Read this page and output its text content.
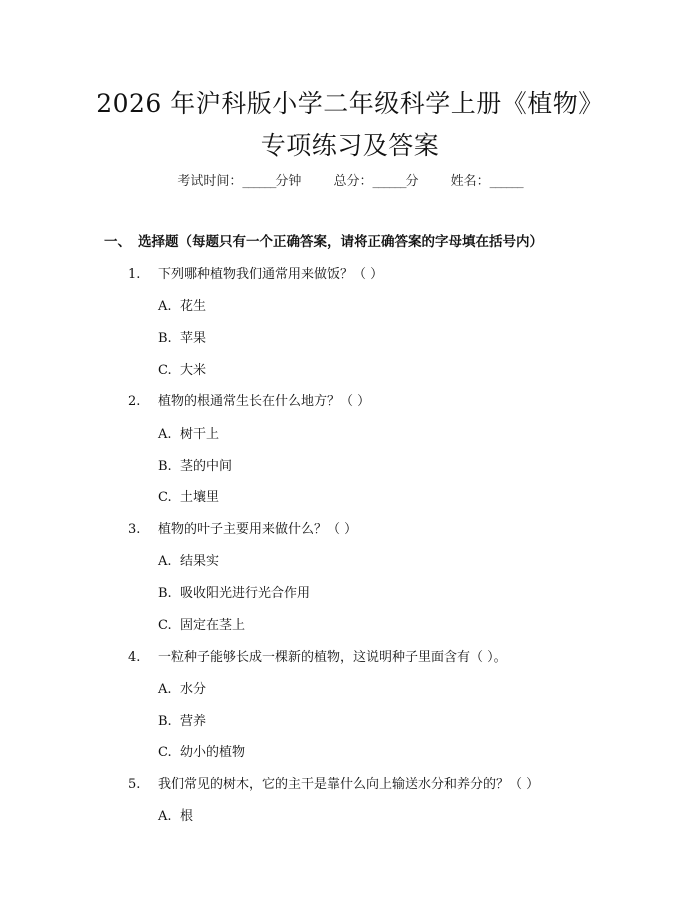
2026 年沪科版小学二年级科学上册《植物》
专项练习及答案
考试时间：______分钟 总分：______分 姓名：______
一、 选择题（每题只有一个正确答案，请将正确答案的字母填在括号内）
1. 下列哪种植物我们通常用来做饭？（ ）
A. 花生
B. 苹果
C. 大米
2. 植物的根通常生长在什么地方？（ ）
A. 树干上
B. 茎的中间
C. 土壤里
3. 植物的叶子主要用来做什么？（ ）
A. 结果实
B. 吸收阳光进行光合作用
C. 固定在茎上
4. 一粒种子能够长成一棵新的植物，这说明种子里面含有（ ）。
A. 水分
B. 营养
C. 幼小的植物
5. 我们常见的树木，它的主干是靠什么向上输送水分和养分的？（ ）
A. 根
